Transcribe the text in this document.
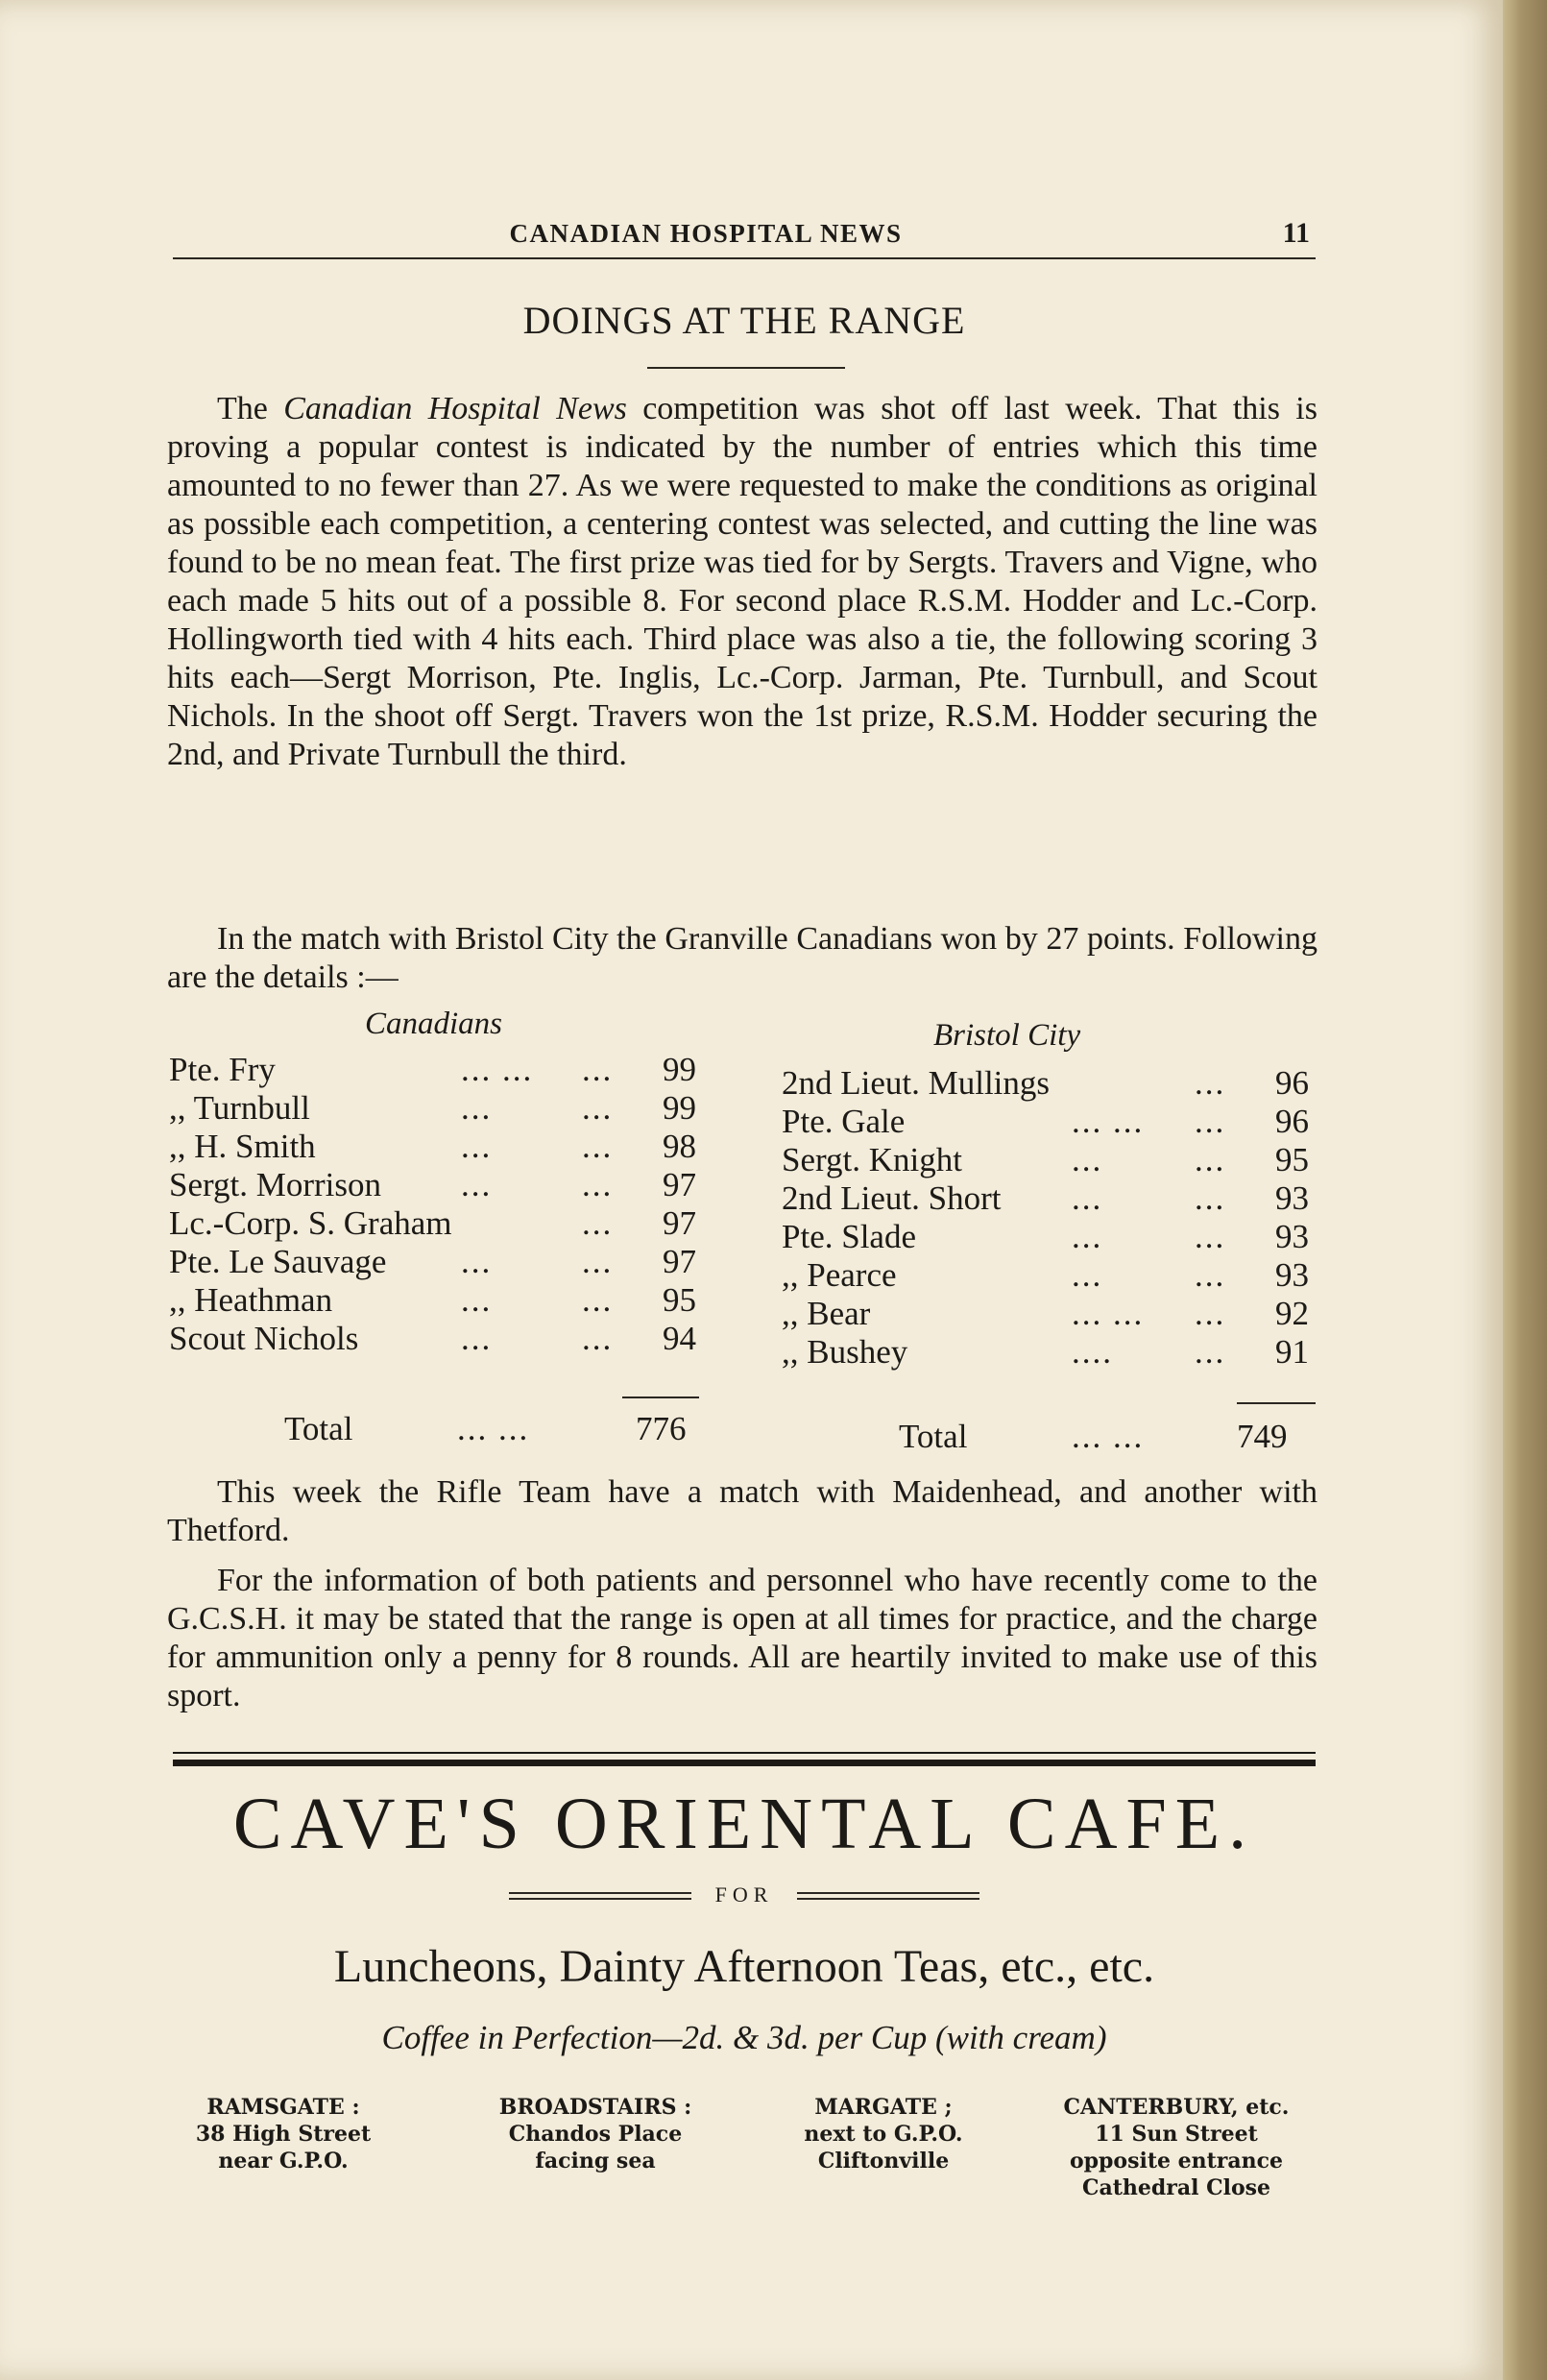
CANADIAN HOSPITAL NEWS	11
DOINGS AT THE RANGE
The Canadian Hospital News competition was shot off last week. That this is proving a popular contest is indicated by the number of entries which this time amounted to no fewer than 27. As we were requested to make the conditions as original as possible each competition, a centering contest was selected, and cutting the line was found to be no mean feat. The first prize was tied for by Sergts. Travers and Vigne, who each made 5 hits out of a possible 8. For second place R.S.M. Hodder and Lc.-Corp. Hollingworth tied with 4 hits each. Third place was also a tie, the following scoring 3 hits each—Sergt Morrison, Pte. Inglis, Lc.-Corp. Jarman, Pte. Turnbull, and Scout Nichols. In the shoot off Sergt. Travers won the 1st prize, R.S.M. Hodder securing the 2nd, and Private Turnbull the third.
In the match with Bristol City the Granville Canadians won by 27 points. Following are the details :—
Canadians	Bristol City
Pte. Fry	... ... ... 99
,, Turnbull	...	... 99
,, H. Smith	...	... 98
Sergt. Morrison ...	... 97
Lc.-Corp. S. Graham	... 97
Pte. Le Sauvage ...	... 97
,, Heathman	...	... 95
Scout Nichols	...	... 94
2nd Lieut. Mullings	... 96
Pte. Gale	... ... ... 96
Sergt. Knight	...	... 95
2nd Lieut. Short ...	... 93
Pte. Slade	...	... 93
,, Pearce	...	... 93
,, Bear	... ... ... 92
,, Bushey	.... ... 91
Total	... ...	776	Total	... ...	749
This week the Rifle Team have a match with Maidenhead, and another with Thetford.
For the information of both patients and personnel who have recently come to the G.C.S.H. it may be stated that the range is open at all times for practice, and the charge for ammunition only a penny for 8 rounds. All are heartily invited to make use of this sport.
CAVE'S ORIENTAL CAFE.
FOR
Luncheons, Dainty Afternoon Teas, etc., etc.
Coffee in Perfection—2d. & 3d. per Cup (with cream)
RAMSGATE :
38 High Street
near G.P.O.
BROADSTAIRS :
Chandos Place
facing sea
MARGATE ;
next to G.P.O.
Cliftonville
CANTERBURY, etc.
11 Sun Street
opposite entrance
Cathedral Close
